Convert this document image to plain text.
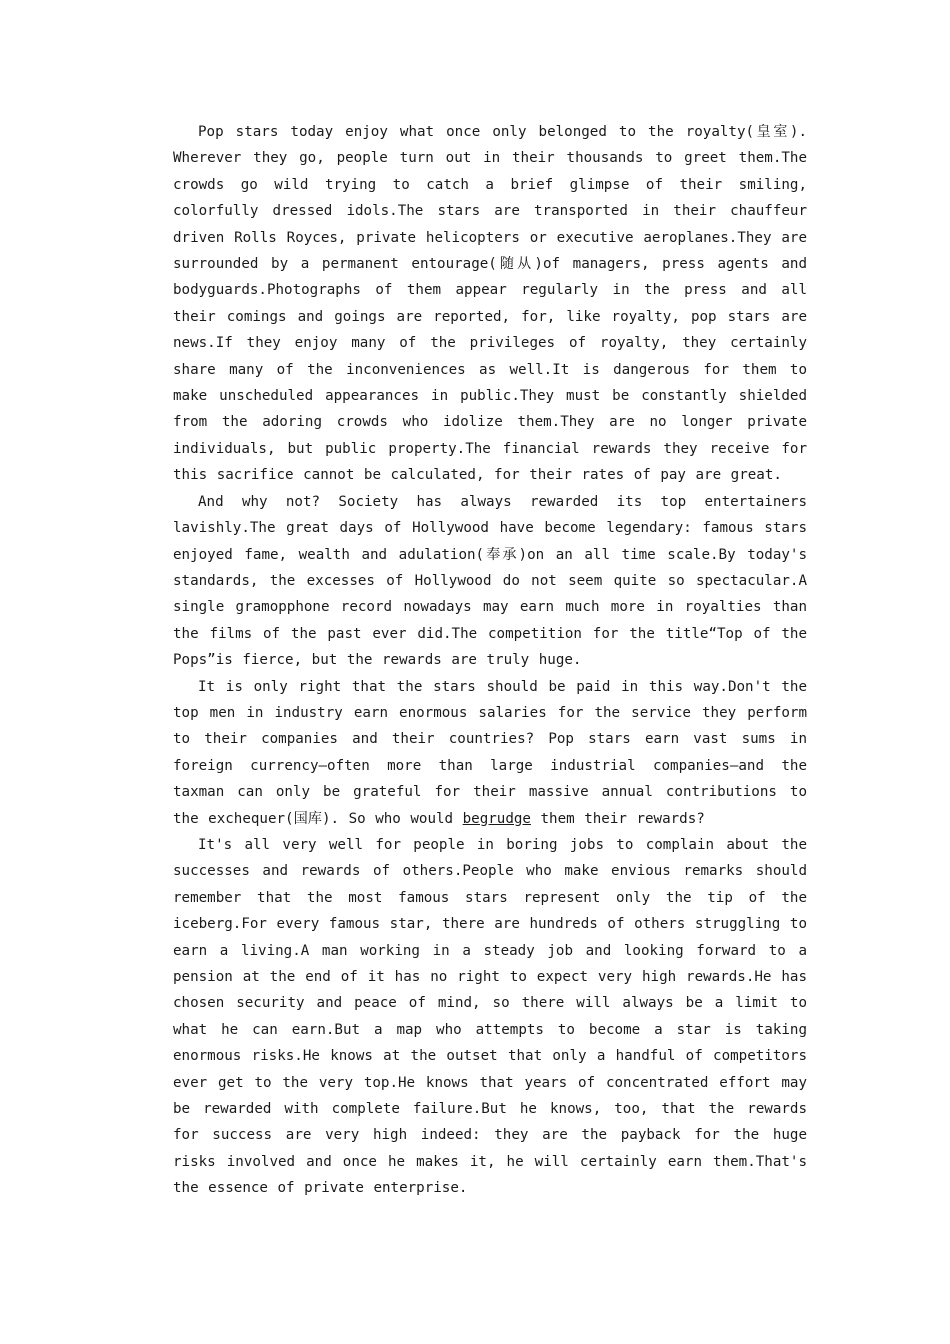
Pop stars today enjoy what once only belonged to the royalty(皇室). Wherever they go, people turn out in their thousands to greet them.The crowds go wild trying to catch a brief glimpse of their smiling, colorfully dressed idols.The stars are transported in their chauffeur driven Rolls Royces, private helicopters or executive aeroplanes.They are surrounded by a permanent entourage(随从)of managers, press agents and bodyguards.Photographs of them appear regularly in the press and all their comings and goings are reported, for, like royalty, pop stars are news.If they enjoy many of the privileges of royalty, they certainly share many of the inconveniences as well.It is dangerous for them to make unscheduled appearances in public.They must be constantly shielded from the adoring crowds who idolize them.They are no longer private individuals, but public property.The financial rewards they receive for this sacrifice cannot be calculated, for their rates of pay are great.

And why not? Society has always rewarded its top entertainers lavishly.The great days of Hollywood have become legendary: famous stars enjoyed fame, wealth and adulation(奉承)on an all time scale.By today's standards, the excesses of Hollywood do not seem quite so spectacular.A single gramopphone record nowadays may earn much more in royalties than the films of the past ever did.The competition for the title“Top of the Pops”is fierce, but the rewards are truly huge.

It is only right that the stars should be paid in this way.Don't the top men in industry earn enormous salaries for the service they perform to their companies and their countries? Pop stars earn vast sums in foreign currency—often more than large industrial companies—and the taxman can only be grateful for their massive annual contributions to the exchequer(国库). So who would begrudge them their rewards?

It's all very well for people in boring jobs to complain about the successes and rewards of others.People who make envious remarks should remember that the most famous stars represent only the tip of the iceberg.For every famous star, there are hundreds of others struggling to earn a living.A man working in a steady job and looking forward to a pension at the end of it has no right to expect very high rewards.He has chosen security and peace of mind, so there will always be a limit to what he can earn.But a map who attempts to become a star is taking enormous risks.He knows at the outset that only a handful of competitors ever get to the very top.He knows that years of concentrated effort may be rewarded with complete failure.But he knows, too, that the rewards for success are very high indeed: they are the payback for the huge risks involved and once he makes it, he will certainly earn them.That's the essence of private enterprise.
